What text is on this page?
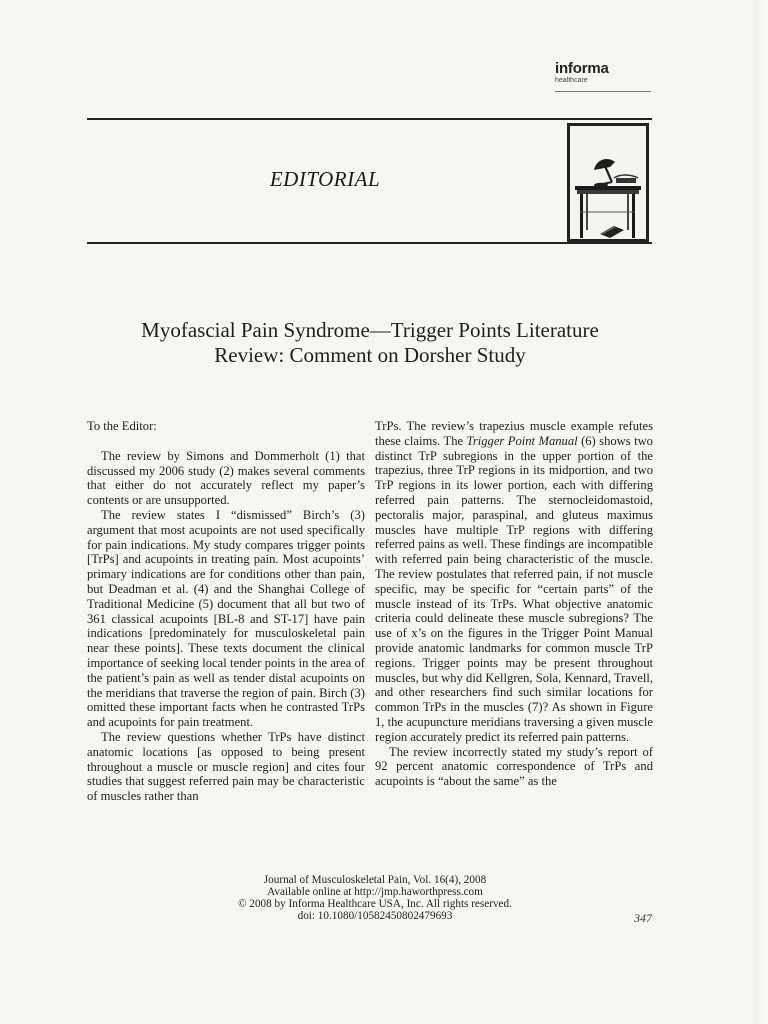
informa
healthcare
EDITORIAL
Myofascial Pain Syndrome—Trigger Points Literature
Review: Comment on Dorsher Study

To the Editor:

The review by Simons and Dommerholt (1) that discussed my 2006 study (2) makes several comments that either do not accurately reflect my paper’s contents or are unsupported.

The review states I “dismissed” Birch’s (3) argument that most acupoints are not used specifically for pain indications. My study compares trigger points [TrPs] and acupoints in treating pain. Most acupoints’ primary indications are for conditions other than pain, but Deadman et al. (4) and the Shanghai College of Traditional Medicine (5) document that all but two of 361 classical acupoints [BL-8 and ST-17] have pain indications [predominately for musculoskeletal pain near these points]. These texts document the clinical importance of seeking local tender points in the area of the patient’s pain as well as tender distal acupoints on the meridians that traverse the region of pain. Birch (3) omitted these important facts when he contrasted TrPs and acupoints for pain treatment.

The review questions whether TrPs have distinct anatomic locations [as opposed to being present throughout a muscle or muscle region] and cites four studies that suggest referred pain may be characteristic of muscles rather than

TrPs. The review’s trapezius muscle example refutes these claims. The Trigger Point Manual (6) shows two distinct TrP subregions in the upper portion of the trapezius, three TrP regions in its midportion, and two TrP regions in its lower portion, each with differing referred pain patterns. The sternocleidomastoid, pectoralis major, paraspinal, and gluteus maximus muscles have multiple TrP regions with differing referred pains as well. These findings are incompatible with referred pain being characteristic of the muscle. The review postulates that referred pain, if not muscle specific, may be specific for “certain parts” of the muscle instead of its TrPs. What objective anatomic criteria could delineate these muscle subregions? The use of x’s on the figures in the Trigger Point Manual provide anatomic landmarks for common muscle TrP regions. Trigger points may be present throughout muscles, but why did Kellgren, Sola, Kennard, Travell, and other researchers find such similar locations for common TrPs in the muscles (7)? As shown in Figure 1, the acupuncture meridians traversing a given muscle region accurately predict its referred pain patterns.

The review incorrectly stated my study’s report of 92 percent anatomic correspondence of TrPs and acupoints is “about the same” as the

Journal of Musculoskeletal Pain, Vol. 16(4), 2008
Available online at http://jmp.haworthpress.com
© 2008 by Informa Healthcare USA, Inc. All rights reserved.
doi: 10.1080/10582450802479693	347
